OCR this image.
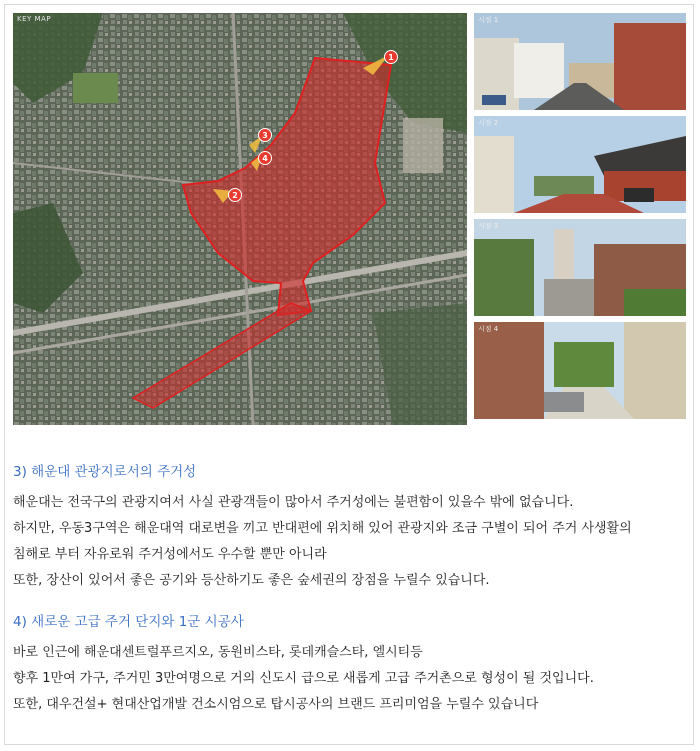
KEY MAP
1
3
4
2
시점 1
시점 2
시점 3
시점 4

3) 해운대 관광지로서의 주거성

해운대는 전국구의 관광지여서 사실 관광객들이 많아서 주거성에는 불편함이 있을수 밖에 없습니다.

하지만, 우동3구역은 해운대역 대로변을 끼고 반대편에 위치해 있어 관광지와 조금 구별이 되어 주거 사생활의

침해로 부터 자유로워 주거성에서도 우수할 뿐만 아니라

또한, 장산이 있어서 좋은 공기와 등산하기도 좋은 숲세권의 장점을 누릴수 있습니다.

4) 새로운 고급 주거 단지와 1군 시공사

바로 인근에 해운대센트럴푸르지오, 동원비스타, 롯데캐슬스타, 엘시티등

향후 1만여 가구, 주거민 3만여명으로 거의 신도시 급으로 새롭게 고급 주거촌으로 형성이 될 것입니다.

또한, 대우건설+ 현대산업개발 건소시엄으로 탑시공사의 브랜드 프리미엄을 누릴수 있습니다
